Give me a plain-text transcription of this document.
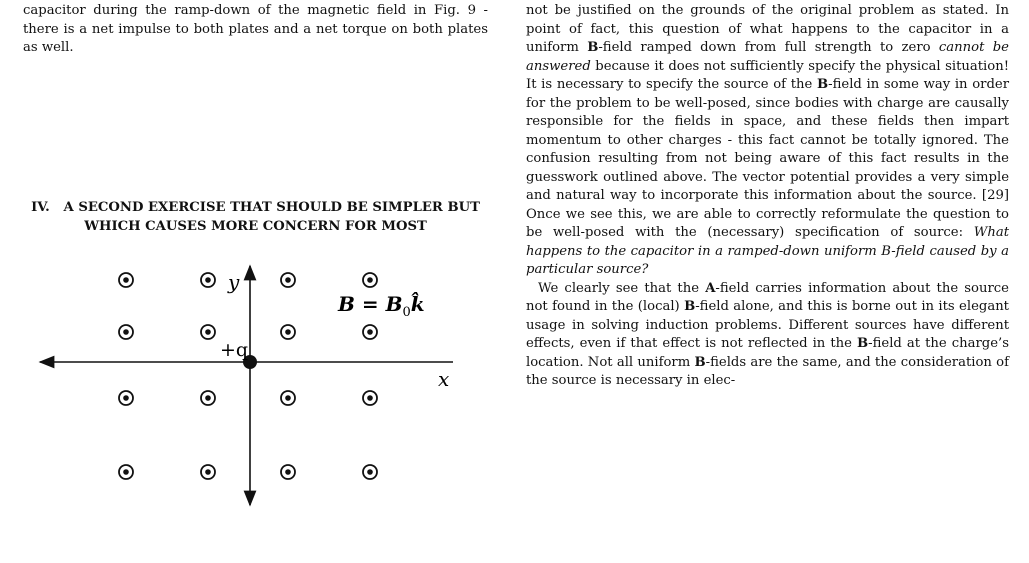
capacitor during the ramp-down of the magnetic field in Fig. 9 - there is a net impulse to both plates and a net torque on both plates as well.

IV. A SECOND EXERCISE THAT SHOULD BE SIMPLER BUT WHICH CAUSES MORE CONCERN FOR MOST
+q
y
x
$B = B_0k̂$

not be justified on the grounds of the original problem as stated. In point of fact, this question of what happens to the capacitor in a uniform B-field ramped down from full strength to zero cannot be answered because it does not sufficiently specify the physical situation! It is necessary to specify the source of the B-field in some way in order for the problem to be well-posed, since bodies with charge are causally responsible for the fields in space, and these fields then impart momentum to other charges - this fact cannot be totally ignored. The confusion resulting from not being aware of this fact results in the guesswork outlined above. The vector potential provides a very simple and natural way to incorporate this information about the source. [29] Once we see this, we are able to correctly reformulate the question to be well-posed with the (necessary) specification of source: What happens to the capacitor in a ramped-down uniform B-field caused by a particular source?

We clearly see that the A-field carries information about the source not found in the (local) B-field alone, and this is borne out in its elegant usage in solving induction problems. Different sources have different effects, even if that effect is not reflected in the B-field at the charge’s location. Not all uniform B-fields are the same, and the consideration of the source is necessary in elec-
